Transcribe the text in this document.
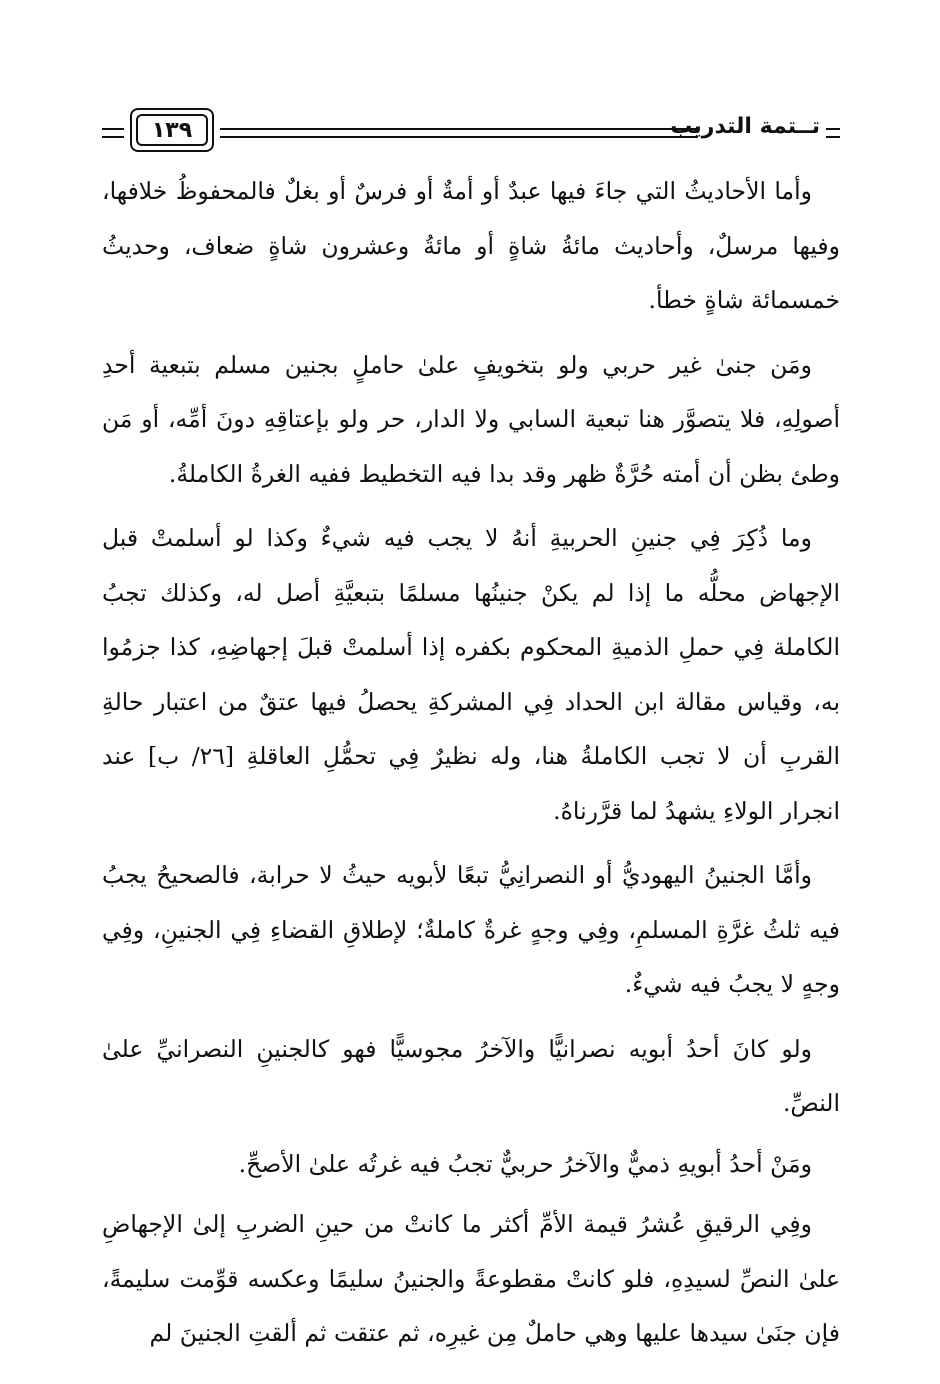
١٣٩	تــتمة التدريب

وأما الأحاديثُ التي جاءَ فيها عبدٌ أو أمةٌ أو فرسٌ أو بغلٌ فالمحفوظُ خلافها، وفيها مرسلٌ، وأحاديث مائةُ شاةٍ أو مائةُ وعشرون شاةٍ ضعاف، وحديثُ خمسمائة شاةٍ خطأ.

ومَن جنىٰ غير حربي ولو بتخويفٍ علىٰ حاملٍ بجنين مسلم بتبعية أحدِ أصولِهِ، فلا يتصوَّر هنا تبعية السابي ولا الدار، حر ولو بإعتاقِهِ دونَ أمِّه، أو مَن وطئ بظن أن أمته حُرَّةٌ ظهر وقد بدا فيه التخطيط ففيه الغرةُ الكاملةُ.

وما ذُكِرَ فِي جنينِ الحربيةِ أنهُ لا يجب فيه شيءٌ وكذا لو أسلمتْ قبل الإجهاض محلُّه ما إذا لم يكنْ جنينُها مسلمًا بتبعيَّةِ أصل له، وكذلك تجبُ الكاملة فِي حملِ الذميةِ المحكوم بكفره إذا أسلمتْ قبلَ إجهاضِهِ، كذا جزمُوا به، وقياس مقالة ابن الحداد فِي المشركةِ يحصلُ فيها عتقٌ من اعتبار حالةِ القربِ أن لا تجب الكاملةُ هنا، وله نظيرٌ فِي تحمُّلِ العاقلةِ [٢٦/ ب] عند انجرار الولاءِ يشهدُ لما قرَّرناهُ.

وأمَّا الجنينُ اليهوديُّ أو النصرانِيُّ تبعًا لأبويه حيثُ لا حرابة، فالصحيحُ يجبُ فيه ثلثُ غرَّةِ المسلمِ، وفِي وجهٍ غرةٌ كاملةٌ؛ لإطلاقِ القضاءِ فِي الجنينِ، وفِي وجهٍ لا يجبُ فيه شيءٌ.

ولو كانَ أحدُ أبويه نصرانيًّا والآخرُ مجوسيًّا فهو كالجنينِ النصرانيِّ علىٰ النصِّ.

ومَنْ أحدُ أبويهِ ذميٌّ والآخرُ حربيٌّ تجبُ فيه غرتُه علىٰ الأصحِّ.

وفِي الرقيقِ عُشرُ قيمة الأمِّ أكثر ما كانتْ من حينِ الضربِ إلىٰ الإجهاضِ علىٰ النصِّ لسيدِهِ، فلو كانتْ مقطوعةً والجنينُ سليمًا وعكسه قوِّمت سليمةً، فإن جنَىٰ سيدها عليها وهي حاملٌ مِن غيرِه، ثم عتقت ثم ألقتِ الجنينَ لم
